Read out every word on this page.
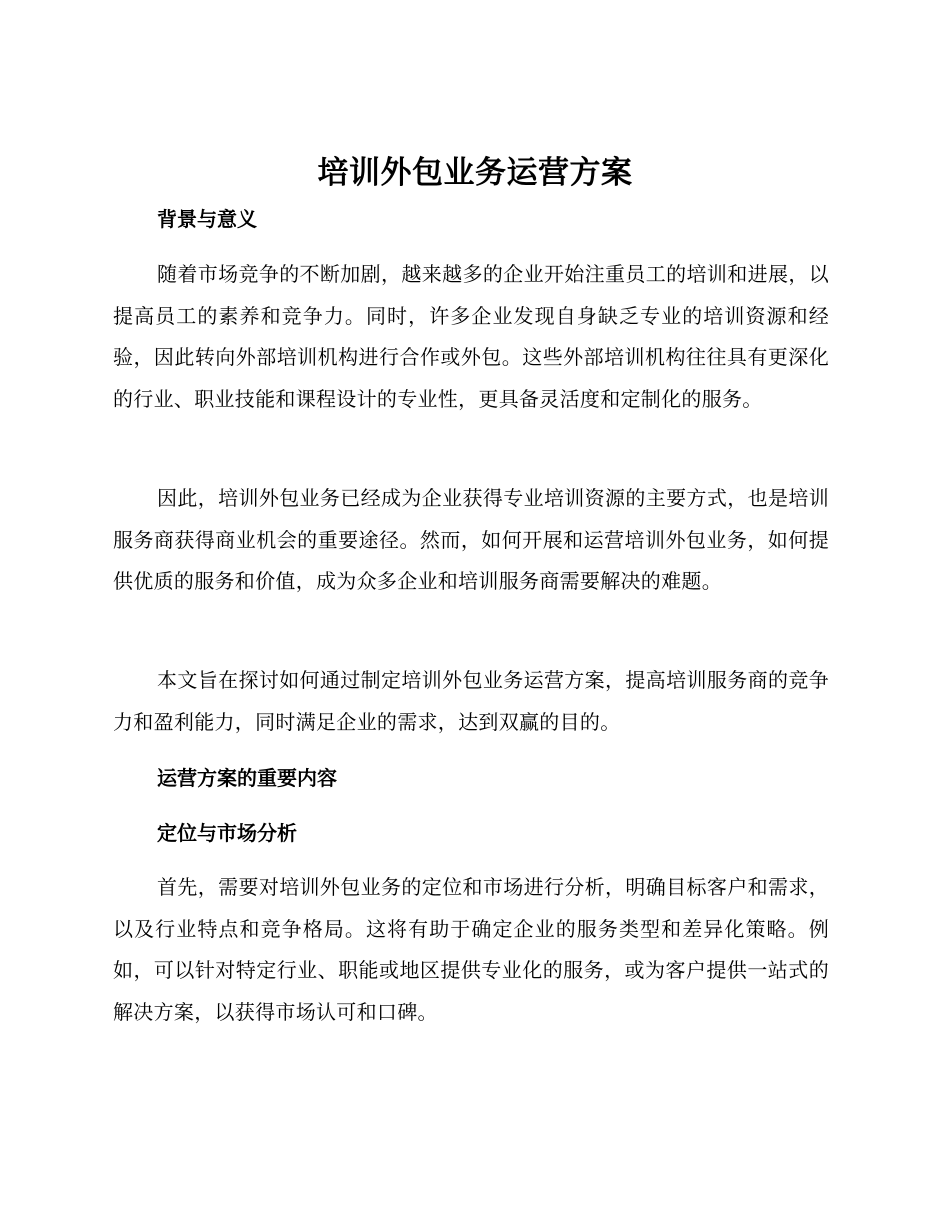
培训外包业务运营方案
背景与意义

随着市场竞争的不断加剧，越来越多的企业开始注重员工的培训和进展，以提高员工的素养和竞争力。同时，许多企业发现自身缺乏专业的培训资源和经验，因此转向外部培训机构进行合作或外包。这些外部培训机构往往具有更深化的行业、职业技能和课程设计的专业性，更具备灵活度和定制化的服务。

因此，培训外包业务已经成为企业获得专业培训资源的主要方式，也是培训服务商获得商业机会的重要途径。然而，如何开展和运营培训外包业务，如何提供优质的服务和价值，成为众多企业和培训服务商需要解决的难题。

本文旨在探讨如何通过制定培训外包业务运营方案，提高培训服务商的竞争力和盈利能力，同时满足企业的需求，达到双赢的目的。

运营方案的重要内容
定位与市场分析

首先，需要对培训外包业务的定位和市场进行分析，明确目标客户和需求，以及行业特点和竞争格局。这将有助于确定企业的服务类型和差异化策略。例如，可以针对特定行业、职能或地区提供专业化的服务，或为客户提供一站式的解决方案，以获得市场认可和口碑。
